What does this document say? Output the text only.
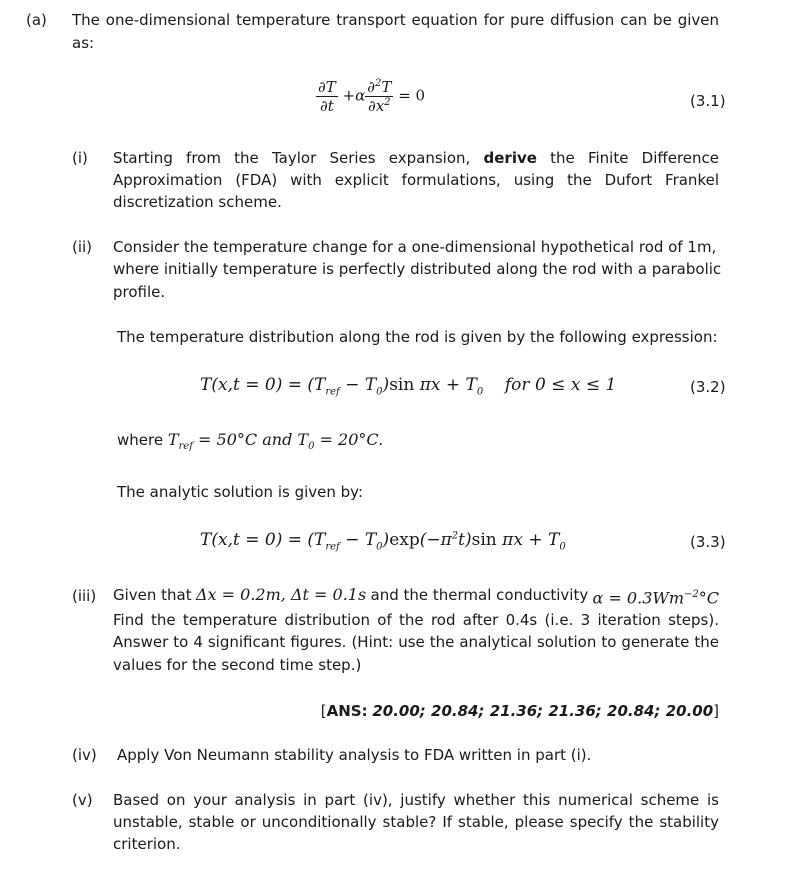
(a) The one-dimensional temperature transport equation for pure diffusion can be given
as:
$\frac{\partial T}{\partial t} +\alpha \frac{\partial^2T}{\partial x^2} = 0$	(3.1)
(i) Starting from the Taylor Series expansion, derive the Finite Difference
Approximation (FDA) with explicit formulations, using the Dufort Frankel
discretization scheme.
(ii) Consider the temperature change for a one-dimensional hypothetical rod of 1m,
where initially temperature is perfectly distributed along the rod with a parabolic
profile.
The temperature distribution along the rod is given by the following expression:
$T(x,t = 0) = (T_{ref} - T_0)\sin$ $\pi x + T_0$ for 0 ≤ x ≤ 1	(3.2)
where $T_{ref} = 50^\circ C$ and $T_0 = 20^\circ C$.
The analytic solution is given by:
$T(x,t = 0) = (T_{ref} - T_0)\exp(-\pi^2t)\sin$ $\pi x + T_0$	(3.3)
(iii) Given that Δx = 0.2m, Δt = 0.1s and the thermal conductivity $\alpha = 0.3Wm^{-2}^\circ C$
Find the temperature distribution of the rod after 0.4s (i.e. 3 iteration steps).
Answer to 4 significant figures. (Hint: use the analytical solution to generate the
values for the second time step.)
[ANS: 20.00; 20.84; 21.36; 21.36; 20.84; 20.00]
(iv) Apply Von Neumann stability analysis to FDA written in part (i).
(v) Based on your analysis in part (iv), justify whether this numerical scheme is
unstable, stable or unconditionally stable? If stable, please specify the stability
criterion.
